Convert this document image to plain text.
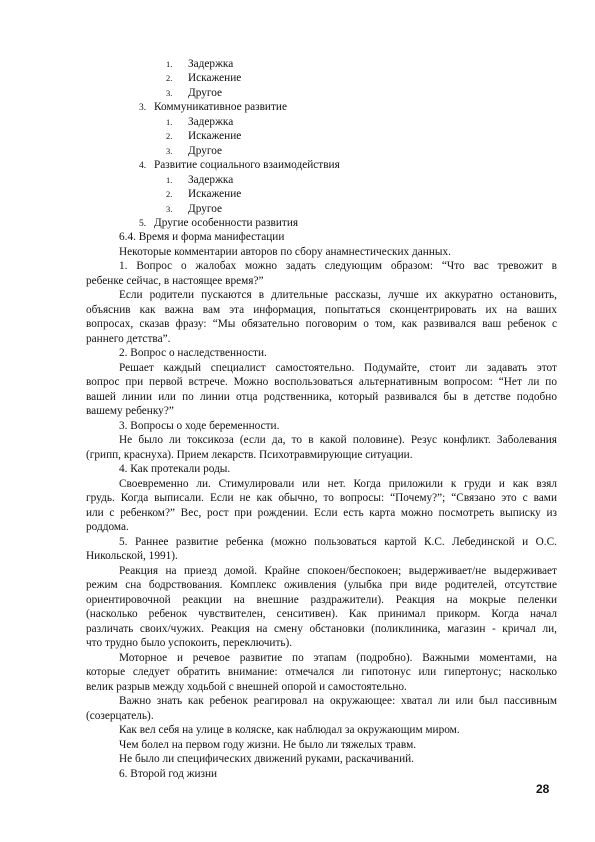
1. Задержка
2. Искажение
3. Другое
3. Коммуникативное развитие
1. Задержка
2. Искажение
3. Другое
4. Развитие социального взаимодействия
1. Задержка
2. Искажение
3. Другое
5. Другие особенности развития
6.4. Время и форма манифестации
Некоторые комментарии авторов по сбору анамнестических данных.
1. Вопрос о жалобах можно задать следующим образом: “Что вас тревожит в
ребенке сейчас, в настоящее время?”
Если родители пускаются в длительные рассказы, лучше их аккуратно остановить,
объяснив как важна вам эта информация, попытаться сконцентрировать их на ваших
вопросах, сказав фразу: “Мы обязательно поговорим о том, как развивался ваш ребенок с
раннего детства”.
2. Вопрос о наследственности.
Решает каждый специалист самостоятельно. Подумайте, стоит ли задавать этот
вопрос при первой встрече. Можно воспользоваться альтернативным вопросом: “Нет ли по
вашей линии или по линии отца родственника, который развивался бы в детстве подобно
вашему ребенку?”
3. Вопросы о ходе беременности.
Не было ли токсикоза (если да, то в какой половине). Резус конфликт. Заболевания
(грипп, краснуха). Прием лекарств. Психотравмирующие ситуации.
4. Как протекали роды.
Своевременно ли. Стимулировали или нет. Когда приложили к груди и как взял
грудь. Когда выписали. Если не как обычно, то вопросы: “Почему?”; “Связано это с вами
или с ребенком?” Вес, рост при рождении. Если есть карта можно посмотреть выписку из
роддома.
5. Раннее развитие ребенка (можно пользоваться картой К.С. Лебединской и О.С.
Никольской, 1991).
Реакция на приезд домой. Крайне спокоен/беспокоен; выдерживает/не выдерживает
режим сна бодрствования. Комплекс оживления (улыбка при виде родителей, отсутствие
ориентировочной реакции на внешние раздражители). Реакция на мокрые пеленки
(насколько ребенок чувствителен, сенситивен). Как принимал прикорм. Когда начал
различать своих/чужих. Реакция на смену обстановки (поликлиника, магазин - кричал ли,
что трудно было успокоить, переключить).
Моторное и речевое развитие по этапам (подробно). Важными моментами, на
которые следует обратить внимание: отмечался ли гипотонус или гипертонус; насколько
велик разрыв между ходьбой с внешней опорой и самостоятельно.
Важно знать как ребенок реагировал на окружающее: хватал ли или был пассивным
(созерцатель).
Как вел себя на улице в коляске, как наблюдал за окружающим миром.
Чем болел на первом году жизни. Не было ли тяжелых травм.
Не было ли специфических движений руками, раскачиваний.
6. Второй год жизни
28
